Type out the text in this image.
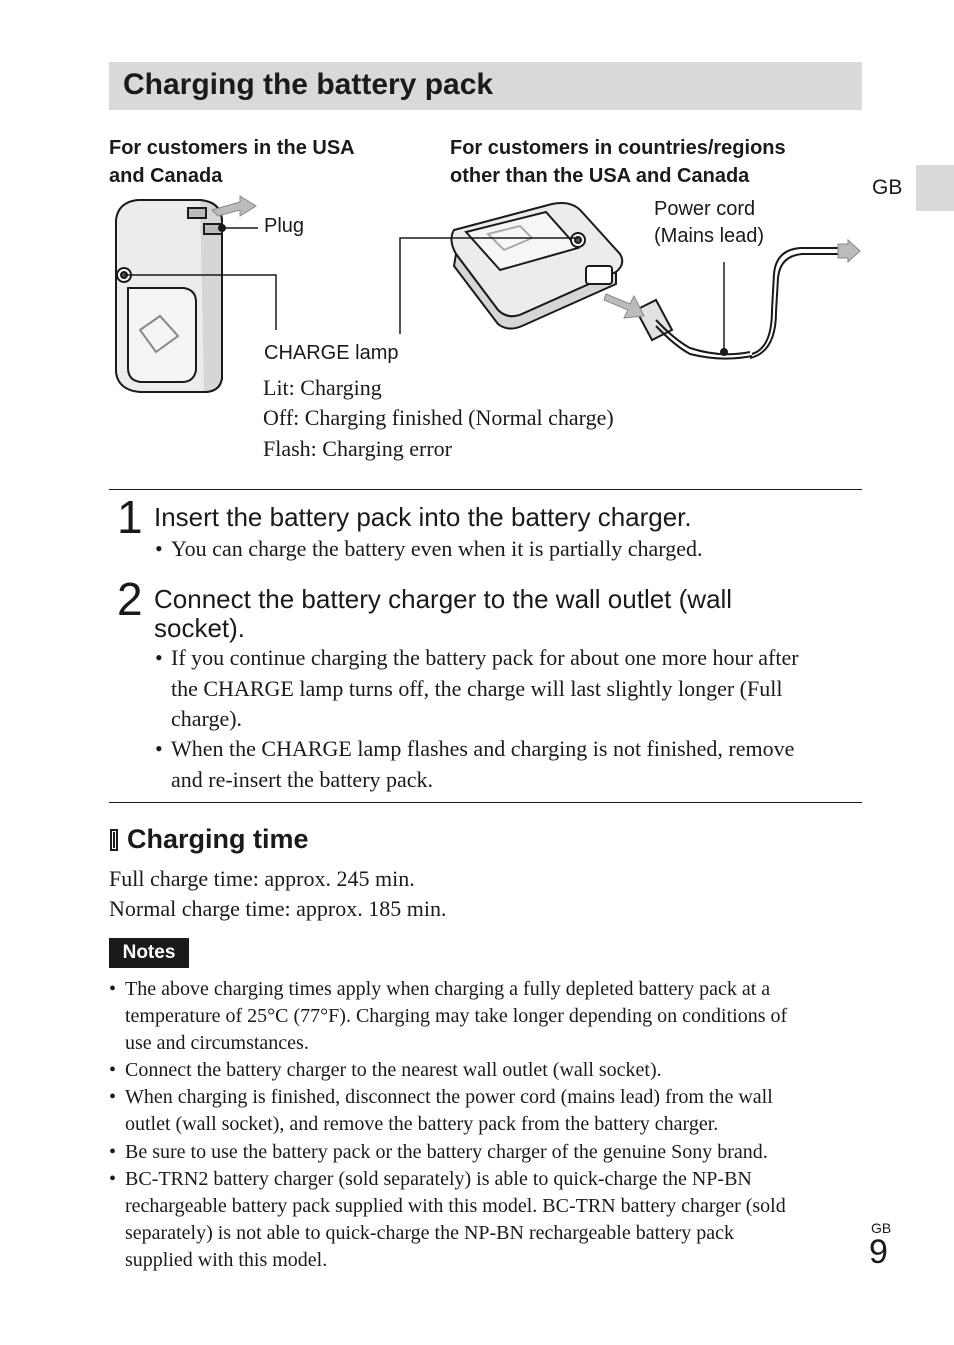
Charging the battery pack
GB
For customers in the USA
and Canada
For customers in countries/regions
other than the USA and Canada
Plug
Power cord
(Mains lead)
CHARGE lamp
Lit: Charging
Off: Charging finished (Normal charge)
Flash: Charging error
1 Insert the battery pack into the battery charger.
• You can charge the battery even when it is partially charged.
2 Connect the battery charger to the wall outlet (wall
socket).
• If you continue charging the battery pack for about one more hour after
the CHARGE lamp turns off, the charge will last slightly longer (Full
charge).
• When the CHARGE lamp flashes and charging is not finished, remove
and re-insert the battery pack.
Charging time
Full charge time: approx. 245 min.
Normal charge time: approx. 185 min.
Notes
• The above charging times apply when charging a fully depleted battery pack at a
temperature of 25°C (77°F). Charging may take longer depending on conditions of
use and circumstances.
• Connect the battery charger to the nearest wall outlet (wall socket).
• When charging is finished, disconnect the power cord (mains lead) from the wall
outlet (wall socket), and remove the battery pack from the battery charger.
• Be sure to use the battery pack or the battery charger of the genuine Sony brand.
• BC-TRN2 battery charger (sold separately) is able to quick-charge the NP-BN
rechargeable battery pack supplied with this model. BC-TRN battery charger (sold
separately) is not able to quick-charge the NP-BN rechargeable battery pack
supplied with this model.
GB
9
